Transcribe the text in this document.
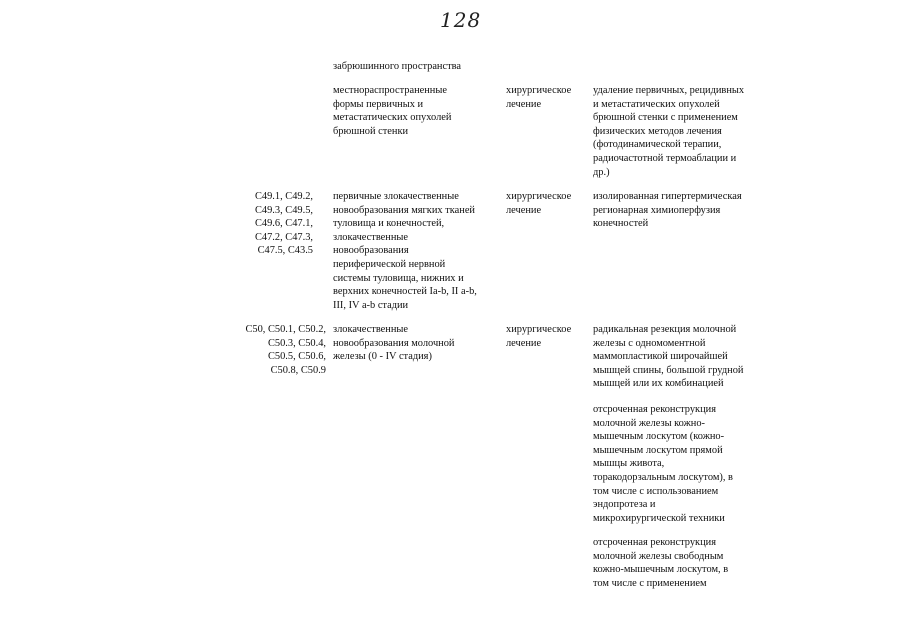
128
забрюшинного пространства
местнораспространенные
формы первичных и
метастатических опухолей
брюшной стенки
хирургическое
лечение
удаление первичных, рецидивных
и метастатических опухолей
брюшной стенки с применением
физических методов лечения
(фотодинамической терапии,
радиочастотной термоаблации и
др.)
C49.1, C49.2,
C49.3, C49.5,
C49.6, C47.1,
C47.2, C47.3,
C47.5, C43.5
первичные злокачественные
новообразования мягких тканей
туловища и конечностей,
злокачественные
новообразования
периферической нервной
системы туловища, нижних и
верхних конечностей Ia-b, II a-b,
III, IV a-b стадии
хирургическое
лечение
изолированная гипертермическая
регионарная химиоперфузия
конечностей
C50, C50.1, C50.2,
C50.3, C50.4,
C50.5, C50.6,
C50.8, C50.9
злокачественные
новообразования молочной
железы (0 - IV стадия)
хирургическое
лечение
радикальная резекция молочной
железы с одномоментной
маммопластикой широчайшей
мышцей спины, большой грудной
мышцей или их комбинацией
отсроченная реконструкция
молочной железы кожно-
мышечным лоскутом (кожно-
мышечным лоскутом прямой
мышцы живота,
торакодорзальным лоскутом), в
том числе с использованием
эндопротеза и
микрохирургической техники
отсроченная реконструкция
молочной железы свободным
кожно-мышечным лоскутом, в
том числе с применением
